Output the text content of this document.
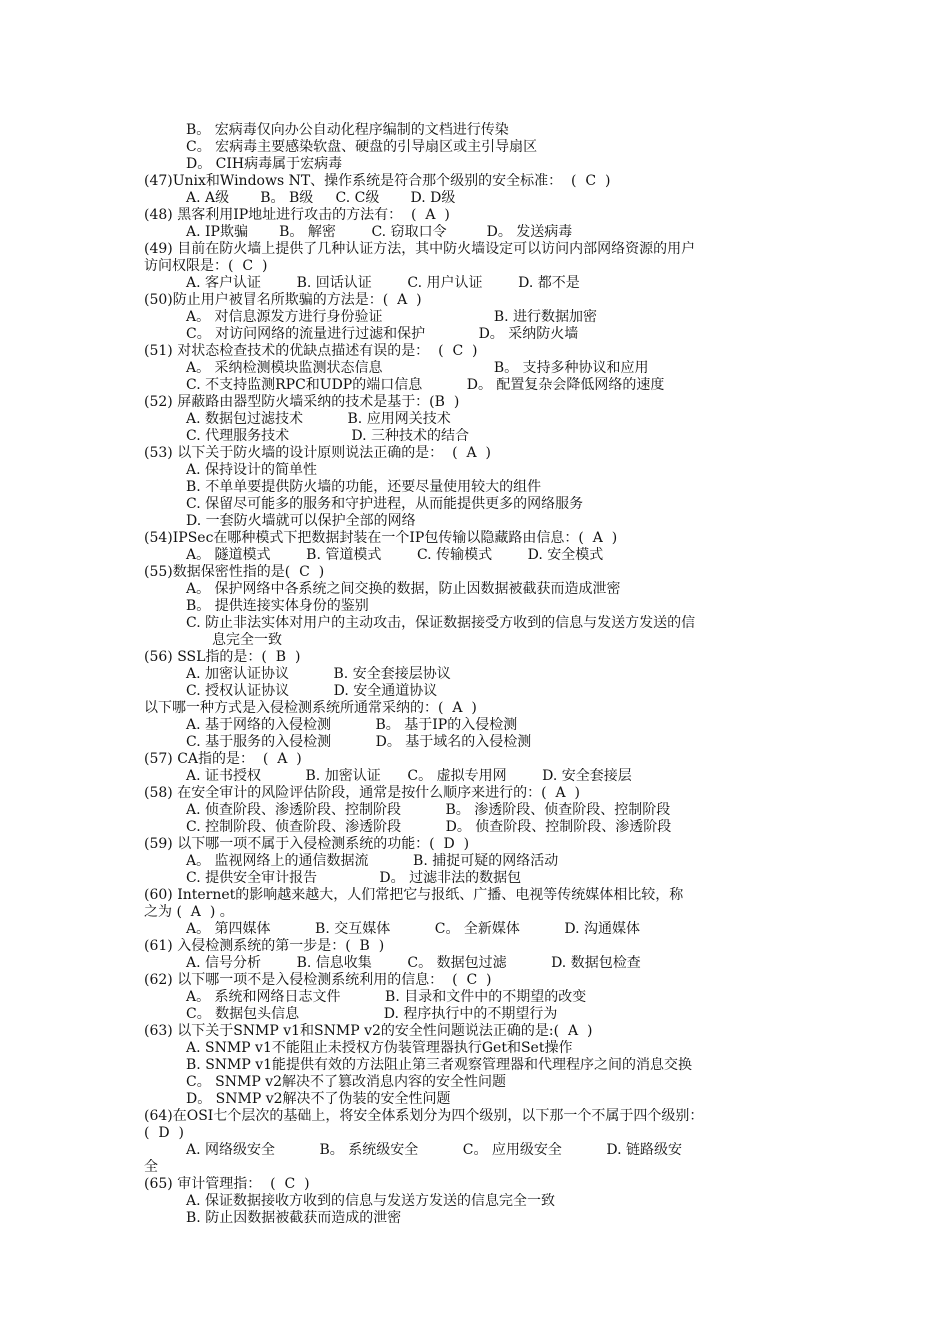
B。 宏病毒仅向办公自动化程序编制的文档进行传染
C。 宏病毒主要感染软盘、硬盘的引导扇区或主引导扇区
D。 CIH病毒属于宏病毒
(47)Unix和Windows NT、操作系统是符合那个级别的安全标准：  (  C  )
A. A级       B。 B级     C. C级       D. D级
(48) 黑客利用IP地址进行攻击的方法有：  (  A  )
A. IP欺骗       B。 解密        C. 窃取口令         D。 发送病毒
(49) 目前在防火墙上提供了几种认证方法，其中防火墙设定可以访问内部网络资源的用户
访问权限是：(  C  )
A. 客户认证        B. 回话认证        C. 用户认证        D. 都不是
(50)防止用户被冒名所欺骗的方法是：(  A  )
A。 对信息源发方进行身份验证                         B. 进行数据加密
C。 对访问网络的流量进行过滤和保护            D。 采纳防火墙
(51) 对状态检查技术的优缺点描述有误的是：  (  C  )
A。 采纳检测模块监测状态信息                         B。 支持多种协议和应用
C. 不支持监测RPC和UDP的端口信息          D。 配置复杂会降低网络的速度
(52) 屏蔽路由器型防火墙采纳的技术是基于：(B  )
A. 数据包过滤技术          B. 应用网关技术
C. 代理服务技术              D. 三种技术的结合
(53) 以下关于防火墙的设计原则说法正确的是：  (  A  )
A. 保持设计的简单性
B. 不单单要提供防火墙的功能，还要尽量使用较大的组件
C. 保留尽可能多的服务和守护进程，从而能提供更多的网络服务
D. 一套防火墙就可以保护全部的网络
(54)IPSec在哪种模式下把数据封装在一个IP包传输以隐藏路由信息：(  A  )
A。 隧道模式        B. 管道模式        C. 传输模式        D. 安全模式
(55)数据保密性指的是(  C  )
A。 保护网络中各系统之间交换的数据，防止因数据被截获而造成泄密
B。 提供连接实体身份的鉴别
C. 防止非法实体对用户的主动攻击，保证数据接受方收到的信息与发送方发送的信
息完全一致
(56) SSL指的是：(  B  )
A. 加密认证协议          B. 安全套接层协议
C. 授权认证协议          D. 安全通道协议
以下哪一种方式是入侵检测系统所通常采纳的：(  A  )
A. 基于网络的入侵检测          B。 基于IP的入侵检测
C. 基于服务的入侵检测          D。 基于域名的入侵检测
(57) CA指的是：  (  A  )
A. 证书授权          B. 加密认证      C。 虚拟专用网        D. 安全套接层
(58) 在安全审计的风险评估阶段，通常是按什么顺序来进行的：(  A  )
A. 侦查阶段、渗透阶段、控制阶段          B。 渗透阶段、侦查阶段、控制阶段
C. 控制阶段、侦查阶段、渗透阶段          D。 侦查阶段、控制阶段、渗透阶段
(59) 以下哪一项不属于入侵检测系统的功能：(  D  )
A。 监视网络上的通信数据流          B. 捕捉可疑的网络活动
C. 提供安全审计报告              D。 过滤非法的数据包
(60) Internet的影响越来越大，人们常把它与报纸、广播、电视等传统媒体相比较，称
之为 (  A  ) 。
A。 第四媒体          B. 交互媒体          C。 全新媒体          D. 沟通媒体
(61) 入侵检测系统的第一步是：(  B  )
A. 信号分析        B. 信息收集        C。 数据包过滤          D. 数据包检查
(62) 以下哪一项不是入侵检测系统利用的信息：  (  C  )
A。 系统和网络日志文件          B. 目录和文件中的不期望的改变
C。 数据包头信息                   D. 程序执行中的不期望行为
(63) 以下关于SNMP v1和SNMP v2的安全性问题说法正确的是:(  A  )
A. SNMP v1不能阻止未授权方伪装管理器执行Get和Set操作
B. SNMP v1能提供有效的方法阻止第三者观察管理器和代理程序之间的消息交换
C。 SNMP v2解决不了篡改消息内容的安全性问题
D。 SNMP v2解决不了伪装的安全性问题
(64)在OSI七个层次的基础上，将安全体系划分为四个级别，以下那一个不属于四个级别：
(  D  )
A. 网络级安全          B。 系统级安全          C。 应用级安全          D. 链路级安
全
(65) 审计管理指：  (  C  )
A. 保证数据接收方收到的信息与发送方发送的信息完全一致
B. 防止因数据被截获而造成的泄密
